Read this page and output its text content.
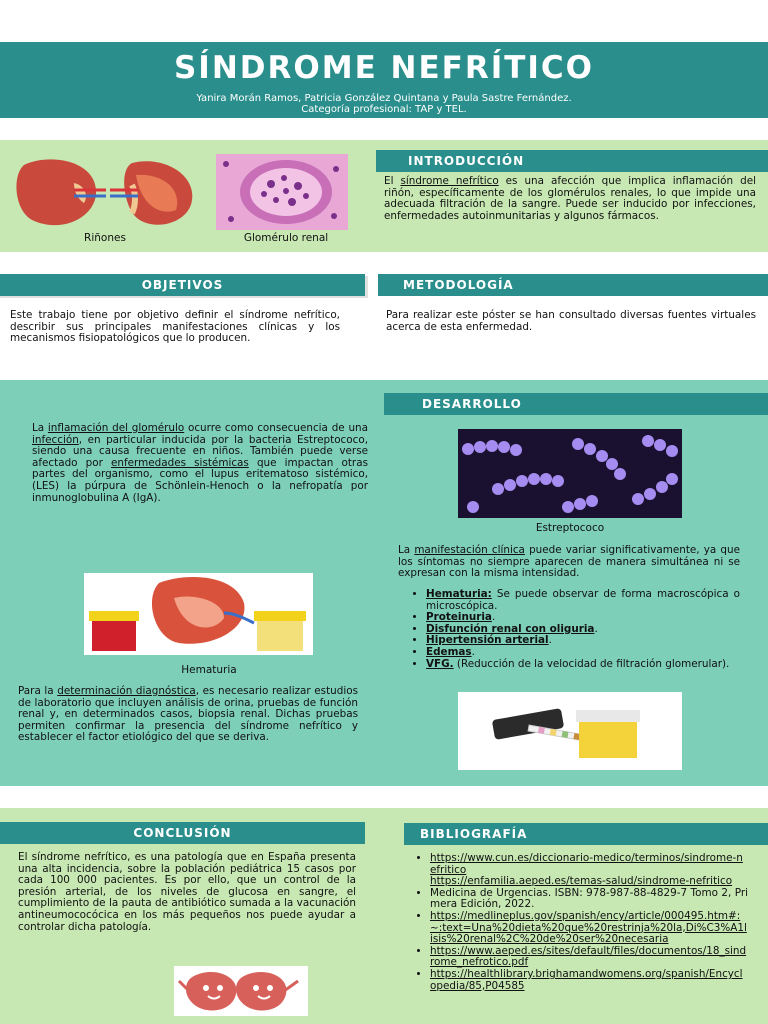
SÍNDROME NEFRÍTICO
Yanira Morán Ramos, Patricia González Quintana y Paula Sastre Fernández.
Categoría profesional: TAP y TEL.
Riñones	Glomérulo renal
INTRODUCCIÓN
El síndrome nefrítico es una afección que implica inflamación del riñón, específicamente de los glomérulos renales, lo que impide una adecuada filtración de la sangre. Puede ser inducido por infecciones, enfermedades autoinmunitarias y algunos fármacos.
OBJETIVOS	METODOLOGÍA
Este trabajo tiene por objetivo definir el síndrome nefrítico, describir sus principales manifestaciones clínicas y los mecanismos fisiopatológicos que lo producen.
Para realizar este póster se han consultado diversas fuentes virtuales acerca de esta enfermedad.
DESARROLLO
La inflamación del glomérulo ocurre como consecuencia de una infección, en particular inducida por la bacteria Estreptococo, siendo una causa frecuente en niños. También puede verse afectado por enfermedades sistémicas que impactan otras partes del organismo, como el lupus eritematoso sistémico, (LES) la púrpura de Schönlein-Henoch o la nefropatía por inmunoglobulina A (IgA).
Estreptococo
Hematuria
La manifestación clínica puede variar significativamente, ya que los síntomas no siempre aparecen de manera simultánea ni se expresan con la misma intensidad.
• Hematuria: Se puede observar de forma macroscópica o microscópica.
• Proteinuria.
• Disfunción renal con oliguria.
• Hipertensión arterial.
• Edemas.
• VFG. (Reducción de la velocidad de filtración glomerular).
Para la determinación diagnóstica, es necesario realizar estudios de laboratorio que incluyen análisis de orina, pruebas de función renal y, en determinados casos, biopsia renal. Dichas pruebas permiten confirmar la presencia del síndrome nefrítico y establecer el factor etiológico del que se deriva.
CONCLUSIÓN	BIBLIOGRAFÍA
El síndrome nefrítico, es una patología que en España presenta una alta incidencia, sobre la población pediátrica 15 casos por cada 100 000 pacientes. Es por ello, que un control de la presión arterial, de los niveles de glucosa en sangre, el cumplimiento de la pauta de antibiótico sumada a la vacunación antineumococócica en los más pequeños nos puede ayudar a controlar dicha patología.
• https://www.cun.es/diccionario-medico/terminos/sindrome-nefritico
https://enfamilia.aeped.es/temas-salud/sindrome-nefritico
• Medicina de Urgencias. ISBN: 978-987-88-4829-7 Tomo 2, Primera Edición, 2022.
• https://medlineplus.gov/spanish/ency/article/000495.htm#:~:text=Una%20dieta%20que%20restrinja%20la,Di%C3%A1lisis%20renal%2C%20de%20ser%20necesaria
• https://www.aeped.es/sites/default/files/documentos/18_sindrome_nefrotico.pdf
• https://healthlibrary.brighamandwomens.org/spanish/Encyclopedia/85,P04585
